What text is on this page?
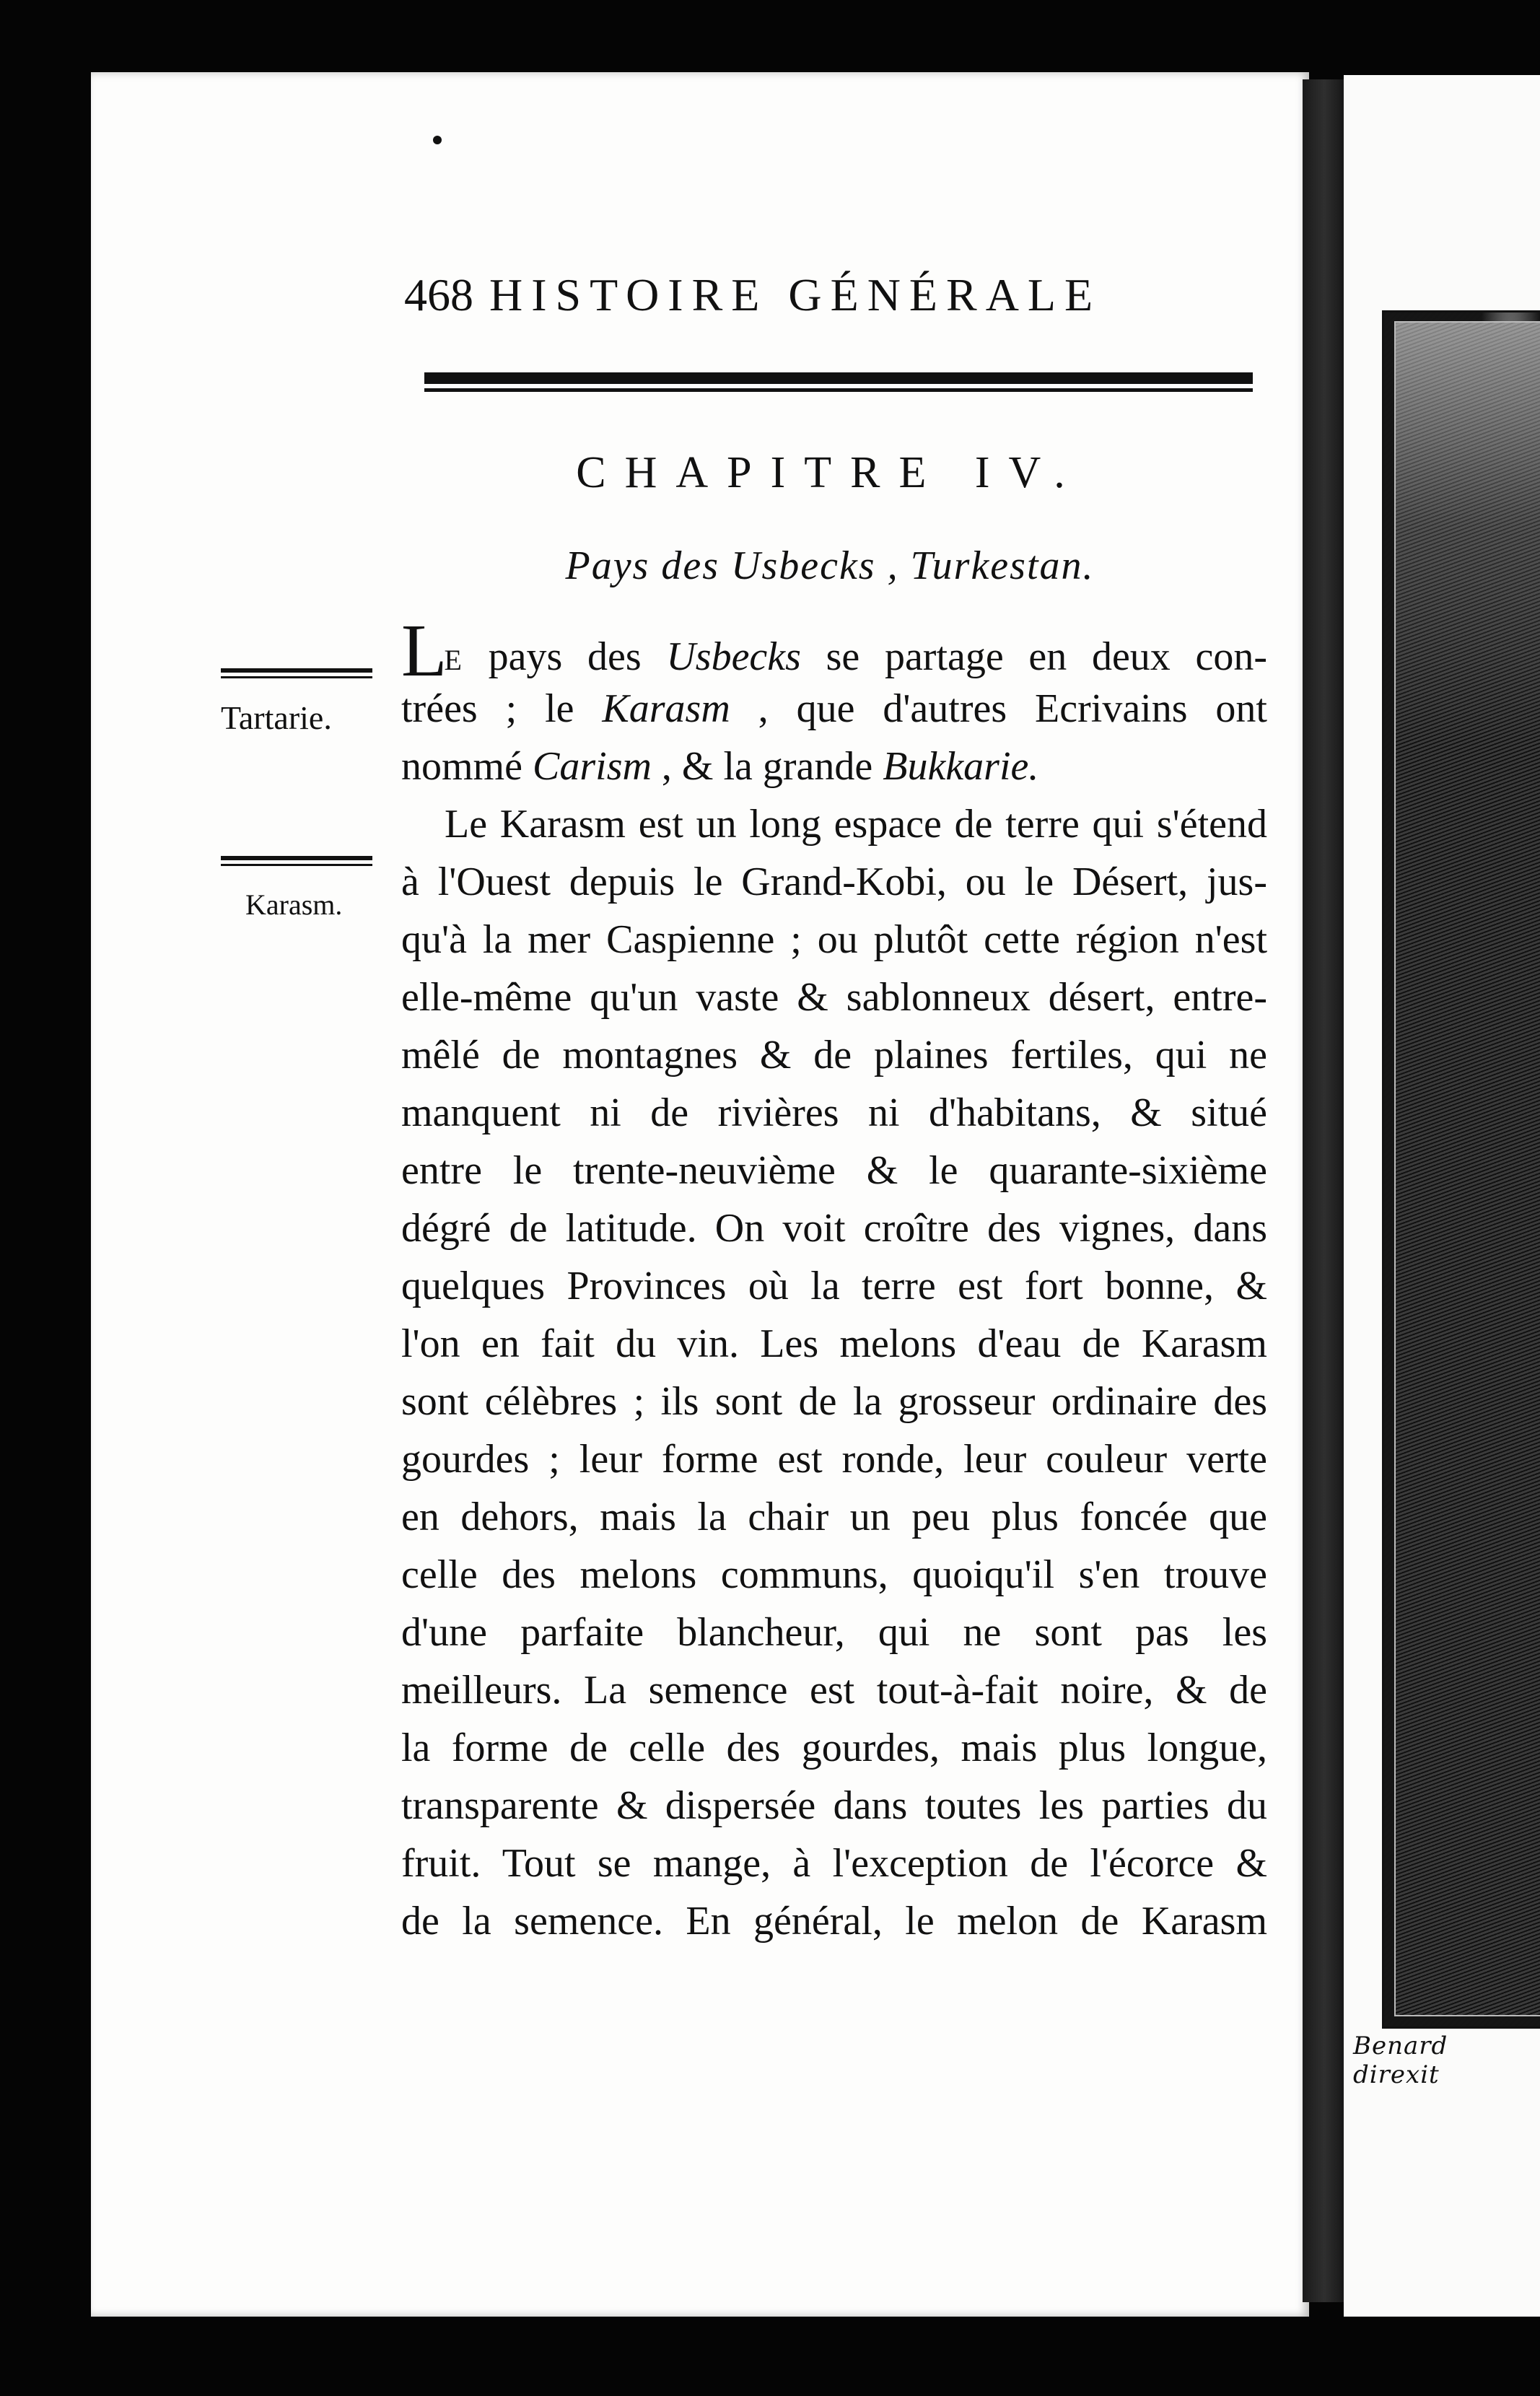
Benard direxit
468 HISTOIRE GÉNÉRALE
CHAPITRE IV.
Pays des Usbecks , Turkestan.
Tartarie.
Karasm.
LE pays des Usbecks se partage en deux con-
trées ; le Karasm , que d'autres Ecrivains ont
nommé Carism , & la grande Bukkarie.
Le Karasm est un long espace de terre qui s'étend
à l'Ouest depuis le Grand-Kobi, ou le Désert, jus-
qu'à la mer Caspienne ; ou plutôt cette région n'est
elle-même qu'un vaste & sablonneux désert, entre-
mêlé de montagnes & de plaines fertiles, qui ne
manquent ni de rivières ni d'habitans, & situé
entre le trente-neuvième & le quarante-sixième
dégré de latitude. On voit croître des vignes, dans
quelques Provinces où la terre est fort bonne, &
l'on en fait du vin. Les melons d'eau de Karasm
sont célèbres ; ils sont de la grosseur ordinaire des
gourdes ; leur forme est ronde, leur couleur verte
en dehors, mais la chair un peu plus foncée que
celle des melons communs, quoiqu'il s'en trouve
d'une parfaite blancheur, qui ne sont pas les
meilleurs. La semence est tout-à-fait noire, & de
la forme de celle des gourdes, mais plus longue,
transparente & dispersée dans toutes les parties du
fruit. Tout se mange, à l'exception de l'écorce &
de la semence. En général, le melon de Karasm
